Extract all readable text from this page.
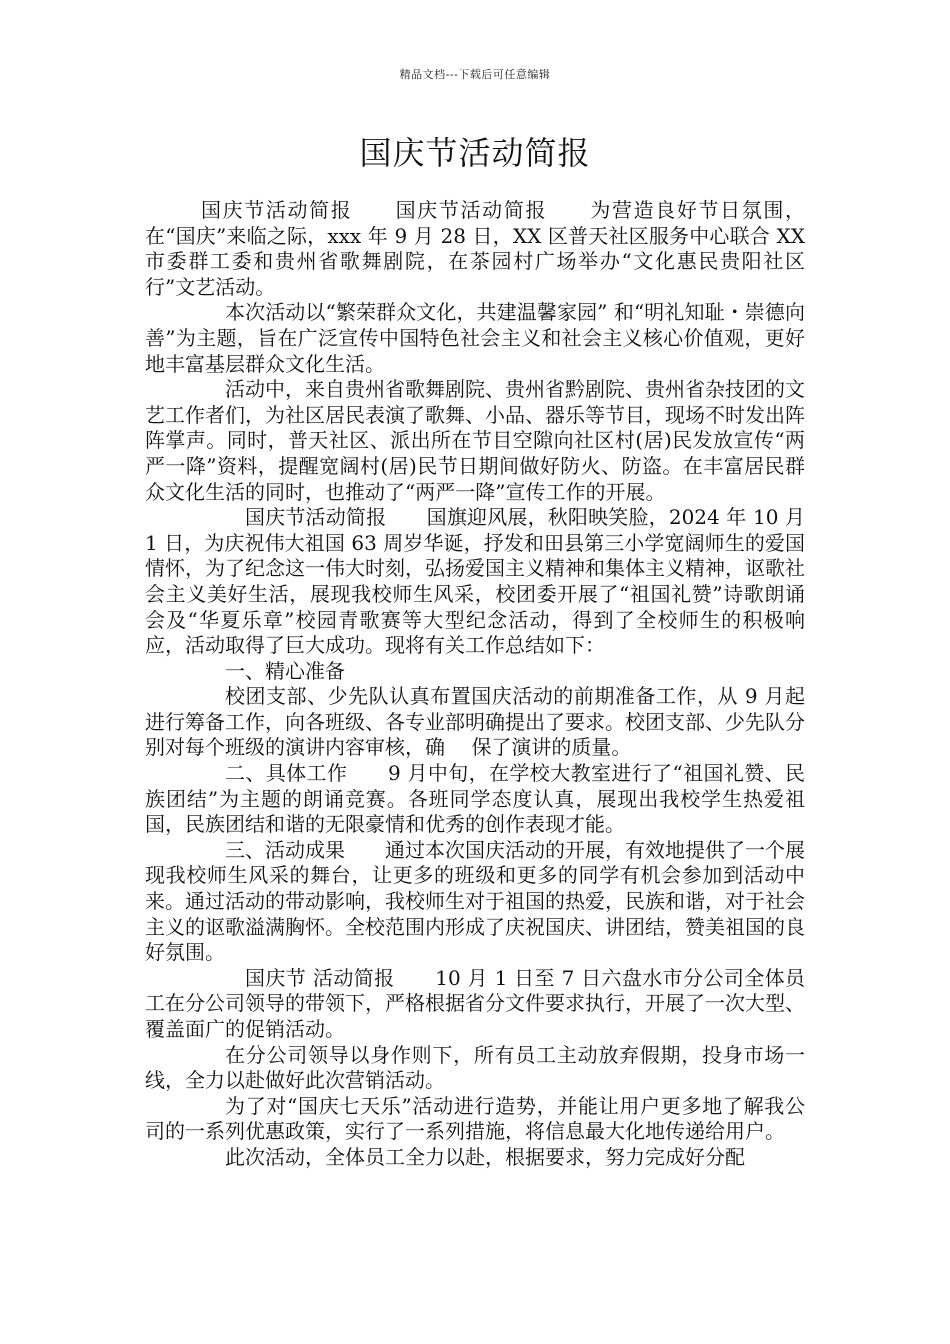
精品文档---下载后可任意编辑
国庆节活动简报

国庆节活动简报　　国庆节活动简报　　为营造良好节日氛围，在“国庆”来临之际，xxx 年 9 月 28 日，XX 区普天社区服务中心联合 XX 市委群工委和贵州省歌舞剧院，在茶园村广场举办“文化惠民贵阳社区行”文艺活动。

本次活动以“繁荣群众文化，共建温馨家园” 和“明礼知耻・崇德向善”为主题，旨在广泛宣传中国特色社会主义和社会主义核心价值观，更好地丰富基层群众文化生活。

活动中，来自贵州省歌舞剧院、贵州省黔剧院、贵州省杂技团的文艺工作者们，为社区居民表演了歌舞、小品、器乐等节目，现场不时发出阵阵掌声。同时，普天社区、派出所在节目空隙向社区村(居)民发放宣传“两严一降”资料，提醒宽阔村(居)民节日期间做好防火、防盗。在丰富居民群众文化生活的同时，也推动了“两严一降”宣传工作的开展。

国庆节活动简报　　国旗迎风展，秋阳映笑脸，2024 年 10 月 1 日，为庆祝伟大祖国 63 周岁华诞，抒发和田县第三小学宽阔师生的爱国情怀，为了纪念这一伟大时刻，弘扬爱国主义精神和集体主义精神，讴歌社会主义美好生活，展现我校师生风采，校团委开展了“祖国礼赞”诗歌朗诵会及“华夏乐章”校园青歌赛等大型纪念活动，得到了全校师生的积极响应，活动取得了巨大成功。现将有关工作总结如下：

一、精心准备

校团支部、少先队认真布置国庆活动的前期准备工作，从 9 月起进行筹备工作，向各班级、各专业部明确提出了要求。校团支部、少先队分别对每个班级的演讲内容审核，确　 保了演讲的质量。

二、具体工作　　9 月中旬，在学校大教室进行了“祖国礼赞、民族团结”为主题的朗诵竞赛。各班同学态度认真，展现出我校学生热爱祖国，民族团结和谐的无限豪情和优秀的创作表现才能。

三、活动成果　　通过本次国庆活动的开展，有效地提供了一个展现我校师生风采的舞台，让更多的班级和更多的同学有机会参加到活动中来。通过活动的带动影响，我校师生对于祖国的热爱，民族和谐，对于社会主义的讴歌溢满胸怀。全校范围内形成了庆祝国庆、讲团结，赞美祖国的良好氛围。

国庆节 活动简报　　10 月 1 日至 7 日六盘水市分公司全体员工在分公司领导的带领下，严格根据省分文件要求执行，开展了一次大型、覆盖面广的促销活动。

在分公司领导以身作则下，所有员工主动放弃假期，投身市场一线，全力以赴做好此次营销活动。

为了对“国庆七天乐”活动进行造势，并能让用户更多地了解我公司的一系列优惠政策，实行了一系列措施，将信息最大化地传递给用户。

此次活动，全体员工全力以赴，根据要求，努力完成好分配
